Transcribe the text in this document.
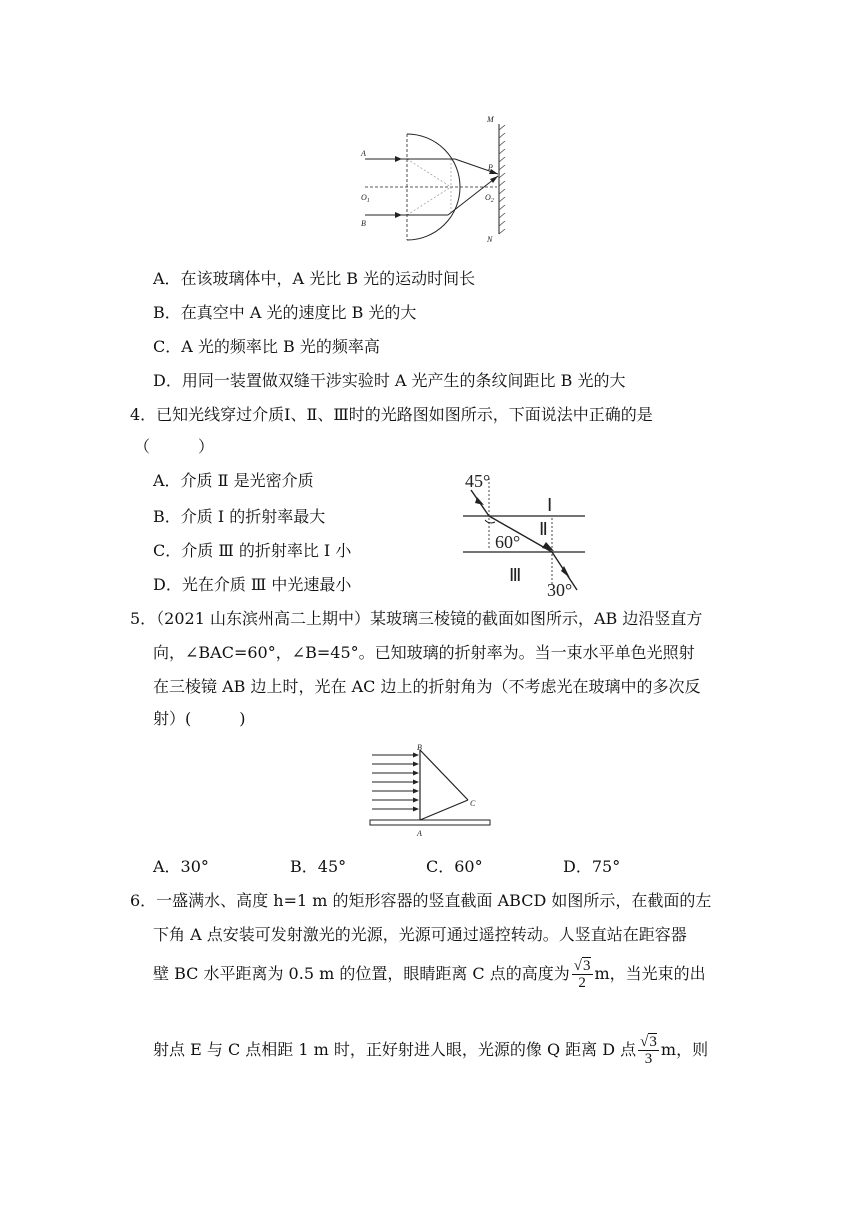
A
B
$O_1$	$O_2$
P
M
N
A．在该玻璃体中，A 光比 B 光的运动时间长
B．在真空中 A 光的速度比 B 光的大
C．A 光的频率比 B 光的频率高
D．用同一装置做双缝干涉实验时 A 光产生的条纹间距比 B 光的大
4．已知光线穿过介质Ⅰ、Ⅱ、Ⅲ时的光路图如图所示，下面说法中正确的是
（　　　）
A．介质 Ⅱ 是光密介质
B．介质 Ⅰ 的折射率最大
C．介质 Ⅲ 的折射率比 Ⅰ 小
D．光在介质 Ⅲ 中光速最小
45°
60°
30°
Ⅰ
Ⅱ
Ⅲ
5．（2021 山东滨州高二上期中）某玻璃三棱镜的截面如图所示，AB 边沿竖直方
向，∠BAC=60°，∠B=45°。已知玻璃的折射率为。当一束水平单色光照射
在三棱镜 AB 边上时，光在 AC 边上的折射角为（不考虑光在玻璃中的多次反
射）(　　　)
B
C
A
A．30°	B．45°	C．60°	D．75°
6．一盛满水、高度 h=1 m 的矩形容器的竖直截面 ABCD 如图所示，在截面的左
下角 A 点安装可发射激光的光源，光源可通过遥控转动。人竖直站在距容器
壁 BC 水平距离为 0.5 m 的位置，眼睛距离 C 点的高度为 $\frac{√3}{2}$ m，当光束的出
射点 E 与 C 点相距 1 m 时，正好射进人眼，光源的像 Q 距离 D 点 $\frac{√3}{3}$ m，则
